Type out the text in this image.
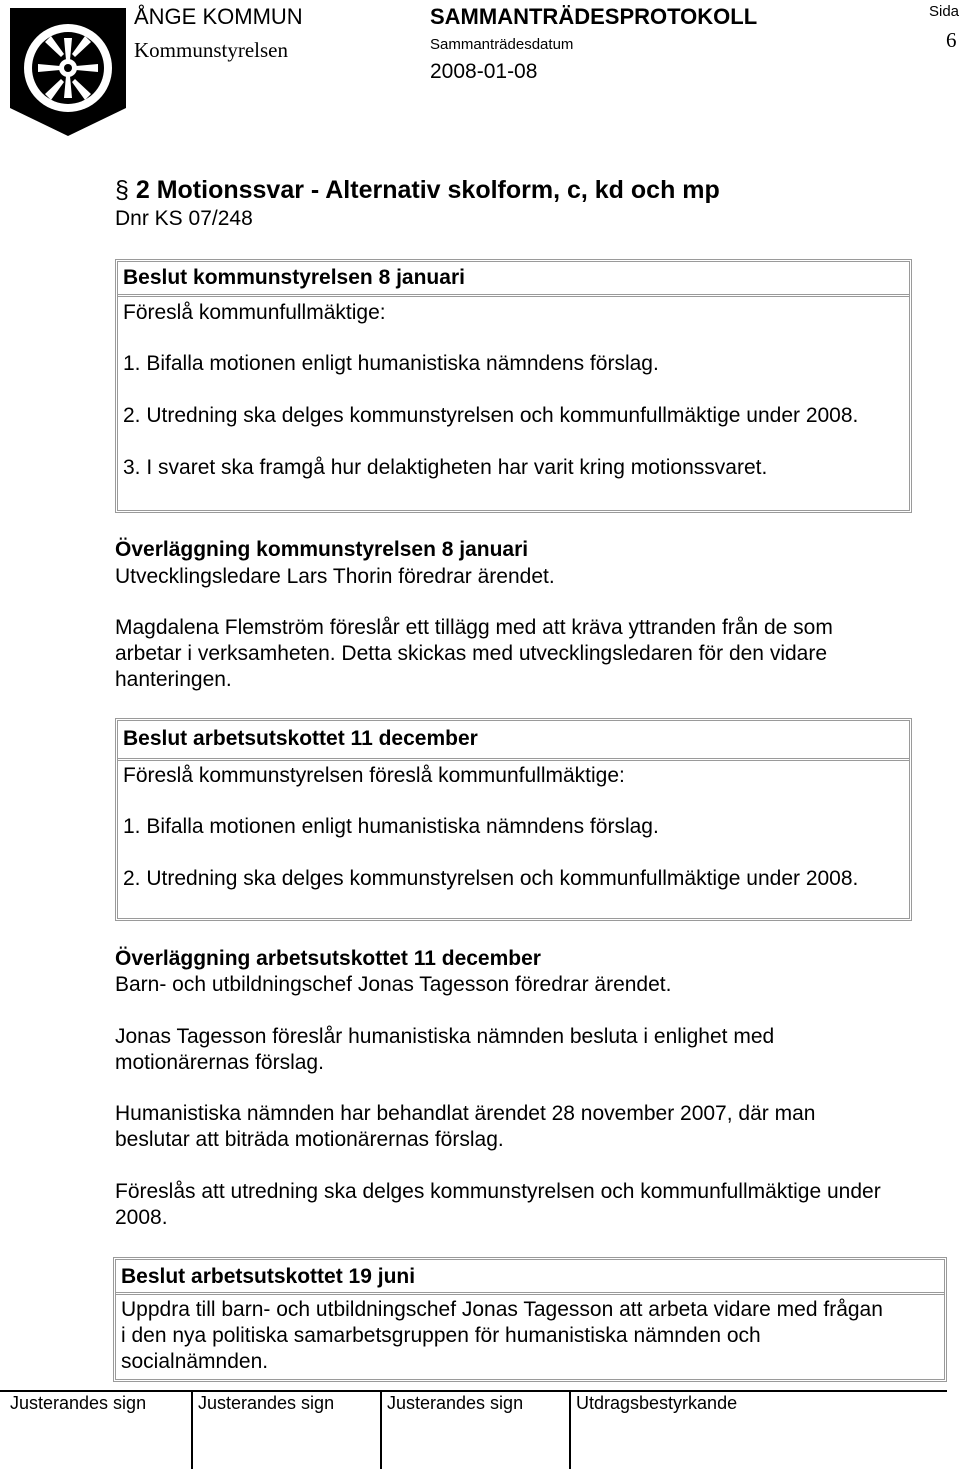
ÅNGE KOMMUN
Kommunstyrelsen
SAMMANTRÄDESPROTOKOLL
Sammanträdesdatum
2008-01-08
Sida
6
§ 2 Motionssvar - Alternativ skolform, c, kd och mp
Dnr KS 07/248
Beslut kommunstyrelsen 8 januari
Föreslå kommunfullmäktige:
1. Bifalla motionen enligt humanistiska nämndens förslag.
2. Utredning ska delges kommunstyrelsen och kommunfullmäktige under 2008.
3. I svaret ska framgå hur delaktigheten har varit kring motionssvaret.
Överläggning kommunstyrelsen 8 januari
Utvecklingsledare Lars Thorin föredrar ärendet.
Magdalena Flemström föreslår ett tillägg med att kräva yttranden från de som
arbetar i verksamheten. Detta skickas med utvecklingsledaren för den vidare
hanteringen.
Beslut arbetsutskottet 11 december
Föreslå kommunstyrelsen föreslå kommunfullmäktige:
1. Bifalla motionen enligt humanistiska nämndens förslag.
2. Utredning ska delges kommunstyrelsen och kommunfullmäktige under 2008.
Överläggning arbetsutskottet 11 december
Barn- och utbildningschef Jonas Tagesson föredrar ärendet.
Jonas Tagesson föreslår humanistiska nämnden besluta i enlighet med
motionärernas förslag.
Humanistiska nämnden har behandlat ärendet 28 november 2007, där man
beslutar att biträda motionärernas förslag.
Föreslås att utredning ska delges kommunstyrelsen och kommunfullmäktige under
2008.
Beslut arbetsutskottet 19 juni
Uppdra till barn- och utbildningschef Jonas Tagesson att arbeta vidare med frågan
i den nya politiska samarbetsgruppen för humanistiska nämnden och
socialnämnden.
Justerandes sign	Justerandes sign	Justerandes sign	Utdragsbestyrkande
